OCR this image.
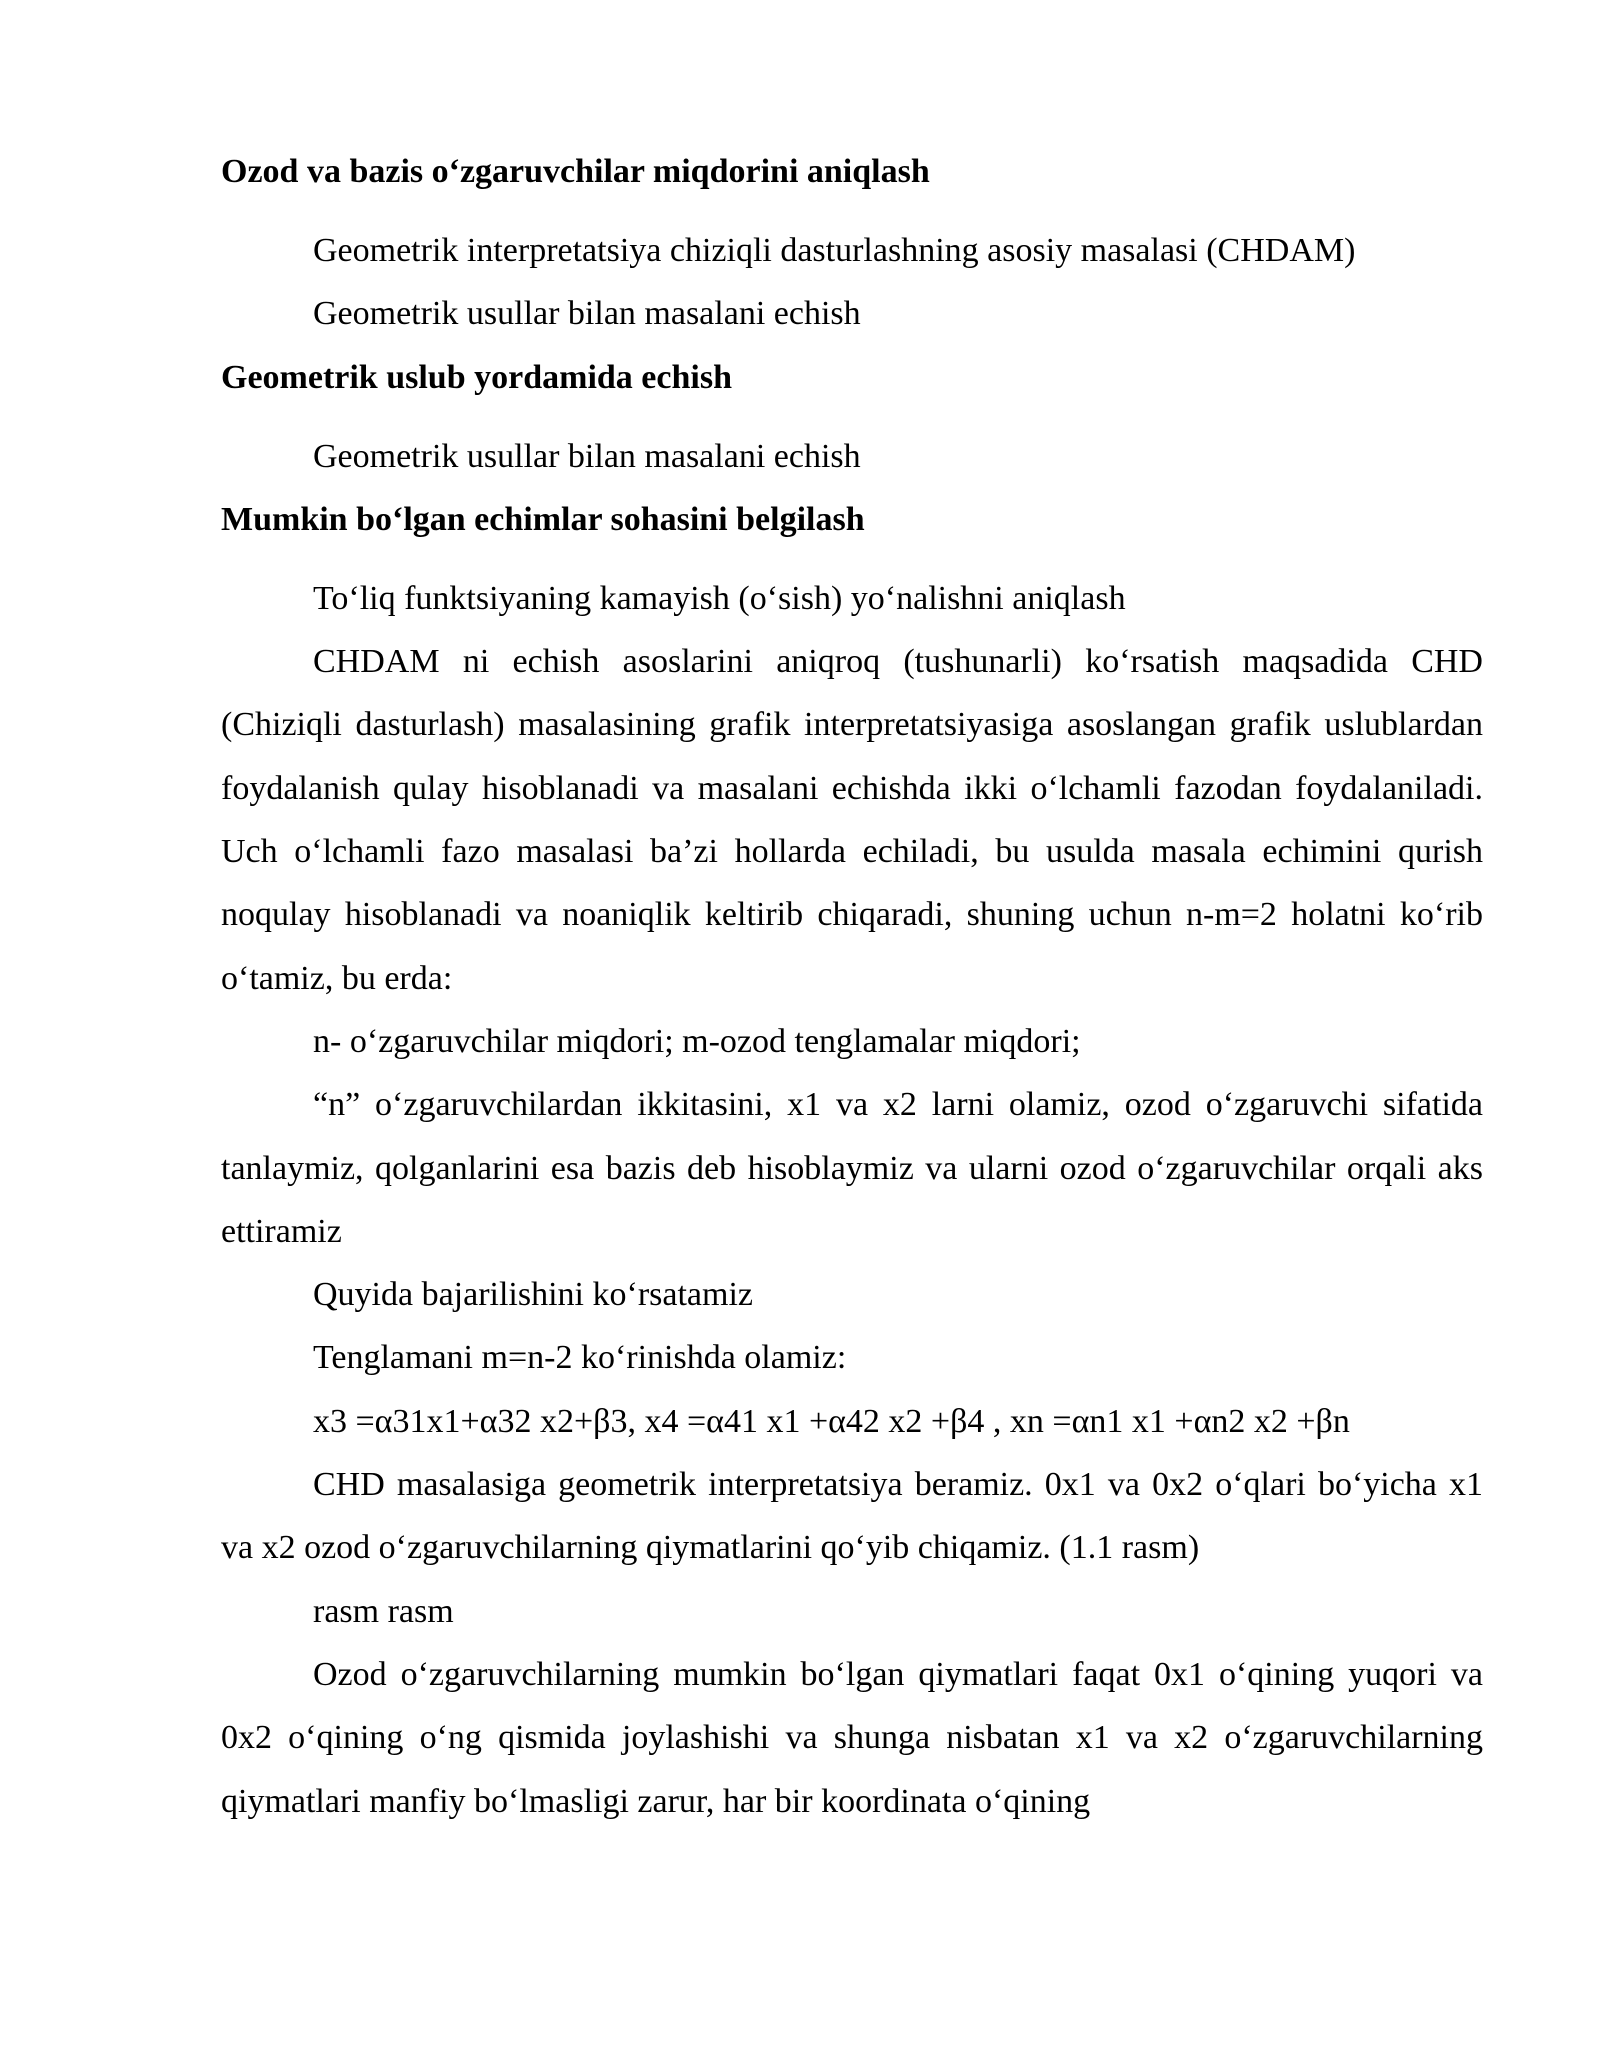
Ozod va bazis o‘zgaruvchilar miqdorini aniqlash

Geometrik interpretatsiya chiziqli dasturlashning asosiy masalasi (CHDAM)

Geometrik usullar bilan masalani echish

Geometrik uslub yordamida echish

Geometrik usullar bilan masalani echish

Mumkin bo‘lgan echimlar sohasini belgilash

To‘liq funktsiyaning kamayish (o‘sish) yo‘nalishni aniqlash

CHDAM ni echish asoslarini aniqroq (tushunarli) ko‘rsatish maqsadida CHD (Chiziqli dasturlash) masalasining grafik interpretatsiyasiga asoslangan grafik uslublardan foydalanish qulay hisoblanadi va masalani echishda ikki o‘lchamli fazodan foydalaniladi. Uch o‘lchamli fazo masalasi ba’zi hollarda echiladi, bu usulda masala echimini qurish noqulay hisoblanadi va noaniqlik keltirib chiqaradi, shuning uchun n-m=2 holatni ko‘rib o‘tamiz, bu erda:

n- o‘zgaruvchilar miqdori; m-ozod tenglamalar miqdori;

“n” o‘zgaruvchilardan ikkitasini, x1 va x2 larni olamiz, ozod o‘zgaruvchi sifatida tanlaymiz, qolganlarini esa bazis deb hisoblaymiz va ularni ozod o‘zgaruvchilar orqali aks ettiramiz

Quyida bajarilishini ko‘rsatamiz

Tenglamani m=n-2 ko‘rinishda olamiz:

x3 =α31x1+α32 x2+β3, x4 =α41 x1 +α42 x2 +β4 , xn =αn1 x1 +αn2 x2 +βn

CHD masalasiga geometrik interpretatsiya beramiz. 0x1 va 0x2 o‘qlari bo‘yicha x1 va x2 ozod o‘zgaruvchilarning qiymatlarini qo‘yib chiqamiz. (1.1 rasm)

rasm rasm

Ozod o‘zgaruvchilarning mumkin bo‘lgan qiymatlari faqat 0x1 o‘qining yuqori va 0x2 o‘qining o‘ng qismida joylashishi va shunga nisbatan x1 va x2 o‘zgaruvchilarning qiymatlari manfiy bo‘lmasligi zarur, har bir koordinata o‘qining
